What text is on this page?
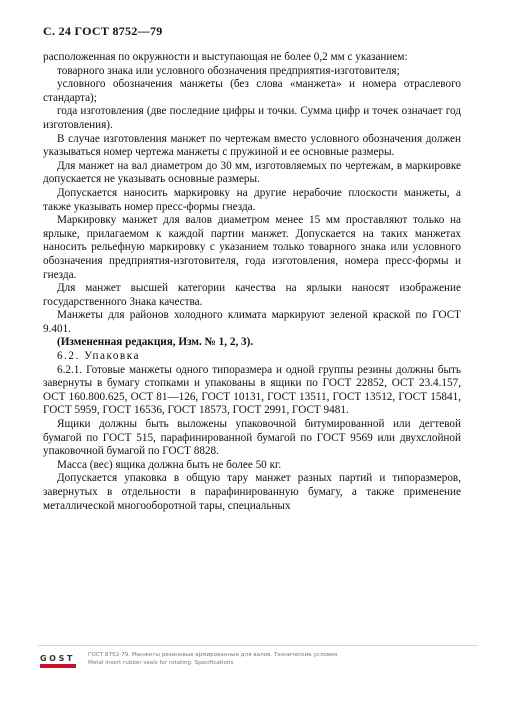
С. 24 ГОСТ 8752—79

расположенная по окружности и выступающая не более 0,2 мм с указанием:

товарного знака или условного обозначения предприятия-изготовителя;

условного обозначения манжеты (без слова «манжета» и номера отраслевого стандарта);

года изготовления (две последние цифры и точки. Сумма цифр и точек означает год изготовления).

В случае изготовления манжет по чертежам вместо условного обозначения должен указываться номер чертежа манжеты с пружиной и ее основные размеры.

Для манжет на вал диаметром до 30 мм, изготовляемых по чертежам, в маркировке допускается не указывать основные размеры.

Допускается наносить маркировку на другие нерабочие плоскости манжеты, а также указывать номер пресс-формы гнезда.

Маркировку манжет для валов диаметром менее 15 мм проставляют только на ярлыке, прилагаемом к каждой партии манжет. Допускается на таких манжетах наносить рельефную маркировку с указанием только товарного знака или условного обозначения предприятия-изготовителя, года изготовления, номера пресс-формы и гнезда.

Для манжет высшей категории качества на ярлыки наносят изображение государственного Знака качества.

Манжеты для районов холодного климата маркируют зеленой краской по ГОСТ 9.401.

(Измененная редакция, Изм. № 1, 2, 3).

6.2. Упаковка

6.2.1. Готовые манжеты одного типоразмера и одной группы резины должны быть завернуты в бумагу стопками и упакованы в ящики по ГОСТ 22852, ОСТ 23.4.157, ОСТ 160.800.625, ОСТ 81—126, ГОСТ 10131, ГОСТ 13511, ГОСТ 13512, ГОСТ 15841, ГОСТ 5959, ГОСТ 16536, ГОСТ 18573, ГОСТ 2991, ГОСТ 9481.

Ящики должны быть выложены упаковочной битумированной или дегтевой бумагой по ГОСТ 515, парафинированной бумагой по ГОСТ 9569 или двухслойной упаковочной бумагой по ГОСТ 8828.

Масса (вес) ящика должна быть не более 50 кг.

Допускается упаковка в общую тару манжет разных партий и типоразмеров, завернутых в отдельности в парафинированную бумагу, а также применение металлической многооборотной тары, специальных

GOST	ГОСТ 8752-79, Манжеты резиновые армированные для валов. Технические условия
Metal insert rubber seals for rotating. Specifications
